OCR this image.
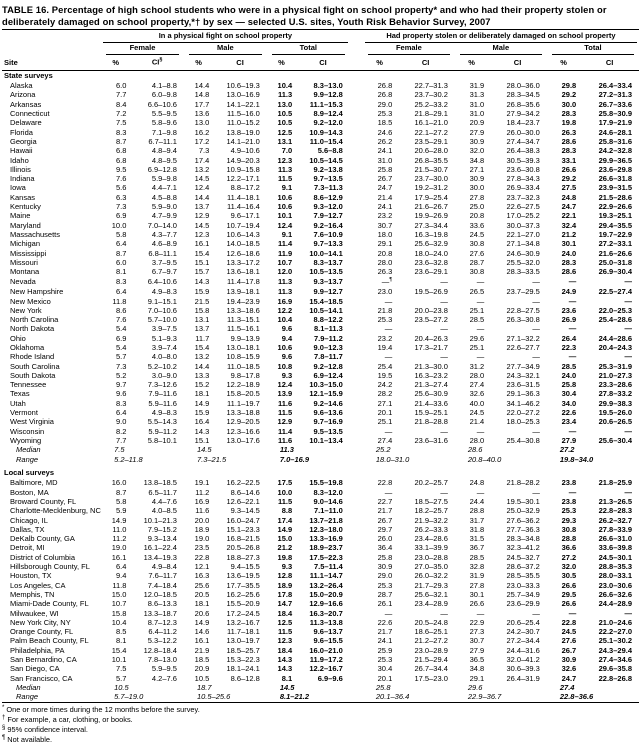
TABLE 16. Percentage of high school students who were in a physical fight on school property* and who had their property stolen or deliberately damaged on school property,*† by sex — selected U.S. sites, Youth Risk Behavior Survey, 2007

	In a physical fight on school property							Had property stolen or deliberately damaged on school property					

	Female		Male		Total			Female		Male		Total	

Site	%	CI§	%	CI	%	CI		%	CI	%	CI	%	CI
State surveys													
Alaska	6.0	4.1–8.8	14.4	10.6–19.3	10.4	8.3–13.0		26.8	22.7–31.3	31.9	28.0–36.0	29.8	26.4–33.4
Arizona	7.7	6.0–9.8	14.8	13.0–16.9	11.3	9.9–12.8		26.8	23.7–30.2	31.3	28.3–34.5	29.2	27.2–31.3
Arkansas	8.4	6.6–10.6	17.7	14.1–22.1	13.0	11.1–15.3		29.0	25.2–33.2	31.0	26.8–35.6	30.0	26.7–33.6
Connecticut	7.2	5.5–9.5	13.6	11.5–16.0	10.5	8.9–12.4		25.3	21.8–29.1	31.0	27.9–34.2	28.3	25.8–30.9
Delaware	7.5	5.8–9.6	13.0	11.0–15.2	10.5	9.2–12.0		18.5	16.1–21.0	20.9	18.4–23.7	19.8	17.9–21.9
Florida	8.3	7.1–9.8	16.2	13.8–19.0	12.5	10.9–14.3		24.6	22.1–27.2	27.9	26.0–30.0	26.3	24.6–28.1
Georgia	8.7	6.7–11.1	17.2	14.1–21.0	13.1	11.0–15.4		26.2	23.5–29.1	30.9	27.4–34.7	28.6	25.8–31.6
Hawaii	6.8	4.8–9.4	7.3	4.9–10.6	7.0	5.6–8.8		24.1	20.6–28.0	32.0	26.4–38.3	28.3	24.2–32.8
Idaho	6.8	4.8–9.5	17.4	14.9–20.3	12.3	10.5–14.5		31.0	26.8–35.5	34.8	30.5–39.3	33.1	29.9–36.5
Illinois	9.5	6.9–12.8	13.2	10.9–15.8	11.3	9.2–13.8		25.8	21.5–30.7	27.1	23.6–30.8	26.6	23.6–29.8
Indiana	7.6	5.9–9.8	14.5	12.2–17.1	11.5	9.7–13.5		26.7	23.7–30.0	30.9	27.8–34.3	29.2	26.6–31.8
Iowa	5.6	4.4–7.1	12.4	8.8–17.2	9.1	7.3–11.3		24.7	19.2–31.2	30.0	26.9–33.4	27.5	23.9–31.5
Kansas	6.3	4.5–8.8	14.4	11.4–18.1	10.6	8.6–12.9		21.4	17.9–25.4	27.8	23.7–32.3	24.8	21.5–28.6
Kentucky	7.3	5.9–9.0	13.7	11.4–16.4	10.6	9.3–12.0		24.1	21.6–26.7	25.0	22.6–27.5	24.7	22.9–26.6
Maine	6.9	4.7–9.9	12.9	9.6–17.1	10.1	7.9–12.7		23.2	19.9–26.9	20.8	17.0–25.2	22.1	19.3–25.1
Maryland	10.0	7.0–14.0	14.5	10.7–19.4	12.4	9.2–16.4		30.7	27.3–34.4	33.6	30.0–37.3	32.4	29.4–35.5
Massachusetts	5.8	4.3–7.7	12.3	10.6–14.3	9.1	7.6–10.9		18.0	16.3–19.8	24.5	22.1–27.0	21.2	19.7–22.9
Michigan	6.4	4.6–8.9	16.1	14.0–18.5	11.4	9.7–13.3		29.1	25.6–32.9	30.8	27.1–34.8	30.1	27.2–33.1
Mississippi	8.7	6.8–11.1	15.4	12.6–18.6	11.9	10.0–14.1		20.8	18.0–24.0	27.6	24.6–30.9	24.0	21.6–26.6
Missouri	6.0	3.7–9.5	15.1	13.3–17.2	10.7	8.3–13.7		28.0	23.6–32.8	28.7	25.5–32.0	28.3	25.0–31.8
Montana	8.1	6.7–9.7	15.7	13.6–18.1	12.0	10.5–13.5		26.3	23.6–29.1	30.8	28.3–33.5	28.6	26.9–30.4
Nevada	8.3	6.4–10.6	14.3	11.4–17.8	11.3	9.3–13.7		—¶	—	—	—	—	—
New Hampshire	6.4	4.9–8.3	15.9	13.9–18.1	11.3	9.9–12.7		23.0	19.5–26.9	26.5	23.7–29.5	24.9	22.5–27.4
New Mexico	11.8	9.1–15.1	21.5	19.4–23.9	16.9	15.4–18.5		—	—	—	—	—	—
New York	8.6	7.0–10.6	15.8	13.3–18.6	12.2	10.5–14.1		21.8	20.0–23.8	25.1	22.8–27.5	23.6	22.0–25.3
North Carolina	7.6	5.7–10.0	13.1	11.3–15.1	10.4	8.8–12.2		25.3	23.5–27.2	28.5	26.3–30.8	26.9	25.4–28.6
North Dakota	5.4	3.9–7.5	13.7	11.5–16.1	9.6	8.1–11.3		—	—	—	—	—	—
Ohio	6.9	5.1–9.3	11.7	9.9–13.9	9.4	7.9–11.2		23.2	20.4–26.3	29.6	27.1–32.2	26.4	24.4–28.6
Oklahoma	5.4	3.9–7.4	15.4	13.0–18.1	10.6	9.0–12.3		19.4	17.3–21.7	25.1	22.6–27.7	22.3	20.4–24.3
Rhode Island	5.7	4.0–8.0	13.2	10.8–15.9	9.6	7.8–11.7		—	—	—	—	—	—
South Carolina	7.3	5.2–10.2	14.4	11.0–18.5	10.8	9.2–12.8		25.4	21.3–30.0	31.2	27.7–34.9	28.5	25.3–31.9
South Dakota	5.2	3.0–9.0	13.3	9.8–17.8	9.3	6.9–12.4		19.5	16.3–23.2	28.0	24.3–32.1	24.0	21.0–27.3
Tennessee	9.7	7.3–12.6	15.2	12.2–18.9	12.4	10.3–15.0		24.2	21.3–27.4	27.4	23.6–31.5	25.8	23.3–28.6
Texas	9.6	7.9–11.6	18.1	15.8–20.5	13.9	12.1–15.9		28.2	25.6–30.9	32.6	29.1–36.3	30.4	27.8–33.2
Utah	8.3	5.9–11.6	14.9	11.1–19.7	11.6	9.2–14.6		27.1	21.4–33.6	40.0	34.1–46.2	34.0	29.9–38.3
Vermont	6.4	4.9–8.3	15.9	13.3–18.8	11.5	9.6–13.6		20.1	15.9–25.1	24.5	22.0–27.2	22.6	19.5–26.0
West Virginia	9.0	5.5–14.3	16.4	12.9–20.5	12.9	9.7–16.9		25.1	21.8–28.8	21.4	18.0–25.3	23.4	20.6–26.5
Wisconsin	8.2	5.9–11.2	14.3	12.3–16.6	11.4	9.5–13.5		—	—	—	—	—	—
Wyoming	7.7	5.8–10.1	15.1	13.0–17.6	11.6	10.1–13.4		27.4	23.6–31.6	28.0	25.4–30.8	27.9	25.6–30.4
Median	7.5		14.5		11.3			25.2		28.6		27.2	
Range	5.2–11.8		7.3–21.5		7.0–16.9			18.0–31.0		20.8–40.0		19.8–34.0	
Local surveys													
Baltimore, MD	16.0	13.8–18.5	19.1	16.2–22.5	17.5	15.5–19.8		22.8	20.2–25.7	24.8	21.8–28.2	23.8	21.8–25.9
Boston, MA	8.7	6.5–11.7	11.2	8.6–14.6	10.0	8.3–12.0		—	—	—	—	—	—
Broward County, FL	5.8	4.4–7.6	16.9	12.6–22.1	11.5	9.0–14.6		22.7	18.5–27.5	24.4	19.5–30.1	23.8	21.3–26.5
Charlotte-Mecklenburg, NC	5.9	4.0–8.5	11.6	9.3–14.5	8.8	7.1–11.0		21.7	18.2–25.7	28.8	25.0–32.9	25.3	22.8–28.3
Chicago, IL	14.9	10.1–21.3	20.0	16.0–24.7	17.4	13.7–21.8		26.7	21.9–32.2	31.7	27.6–36.2	29.3	26.2–32.7
Dallas, TX	11.0	7.9–15.2	18.9	15.1–23.3	14.9	12.3–18.0		29.7	26.2–33.3	31.8	27.7–36.3	30.8	27.8–33.9
DeKalb County, GA	11.2	9.3–13.4	19.0	16.8–21.5	15.0	13.3–16.9		26.0	23.4–28.6	31.5	28.3–34.8	28.8	26.6–31.0
Detroit, MI	19.0	16.1–22.4	23.5	20.5–26.8	21.2	18.9–23.7		36.4	33.1–39.9	36.7	32.3–41.2	36.6	33.6–39.8
District of Columbia	16.1	13.4–19.3	22.8	18.8–27.3	19.8	17.5–22.3		25.8	23.0–28.8	28.5	24.5–32.7	27.2	24.5–30.1
Hillsborough County, FL	6.4	4.9–8.4	12.1	9.4–15.5	9.3	7.5–11.4		30.9	27.0–35.0	32.8	28.6–37.2	32.0	28.8–35.3
Houston, TX	9.4	7.6–11.7	16.3	13.6–19.5	12.8	11.1–14.7		29.0	26.0–32.2	31.9	28.5–35.5	30.5	28.0–33.1
Los Angeles, CA	11.8	7.4–18.4	25.6	17.7–35.5	18.9	13.2–26.4		25.3	21.7–29.3	27.8	23.0–33.3	26.6	23.0–30.6
Memphis, TN	15.0	12.0–18.5	20.5	16.2–25.6	17.8	15.0–20.9		28.7	25.6–32.1	30.1	25.7–34.9	29.5	26.6–32.6
Miami-Dade County, FL	10.7	8.6–13.3	18.1	15.5–20.9	14.7	12.9–16.6		26.1	23.4–28.9	26.6	23.6–29.9	26.6	24.4–28.9
Milwaukee, WI	15.8	13.3–18.7	20.6	17.2–24.5	18.4	16.3–20.7		—	—	—	—	—	—
New York City, NY	10.4	8.7–12.3	14.9	13.2–16.7	12.5	11.3–13.8		22.6	20.5–24.8	22.9	20.6–25.4	22.8	21.0–24.6
Orange County, FL	8.5	6.4–11.2	14.6	11.7–18.1	11.5	9.6–13.7		21.7	18.6–25.1	27.3	24.2–30.7	24.5	22.2–27.0
Palm Beach County, FL	8.1	5.3–12.2	16.1	13.0–19.7	12.3	9.6–15.5		24.1	21.2–27.2	30.7	27.2–34.4	27.6	25.1–30.2
Philadelphia, PA	15.4	12.8–18.4	21.9	18.5–25.7	18.4	16.0–21.0		25.9	23.0–28.9	27.9	24.4–31.6	26.7	24.3–29.4
San Bernardino, CA	10.1	7.8–13.0	18.5	15.3–22.3	14.3	11.9–17.2		25.3	21.5–29.4	36.5	32.0–41.2	30.9	27.4–34.6
San Diego, CA	7.5	5.9–9.5	20.9	18.1–24.1	14.3	12.2–16.7		30.4	26.7–34.4	34.8	30.6–39.3	32.6	29.6–35.8
San Francisco, CA	5.7	4.2–7.6	10.5	8.6–12.8	8.1	6.9–9.6		20.1	17.5–23.0	29.1	26.4–31.9	24.7	22.8–26.8
Median	10.5		18.7		14.5			25.8		29.6		27.4	
Range	5.7–19.0		10.5–25.6		8.1–21.2			20.1–36.4		22.9–36.7		22.8–36.6	

* One or more times during the 12 months before the survey.

† For example, a car, clothing, or books.

§ 95% confidence interval.

¶ Not available.
